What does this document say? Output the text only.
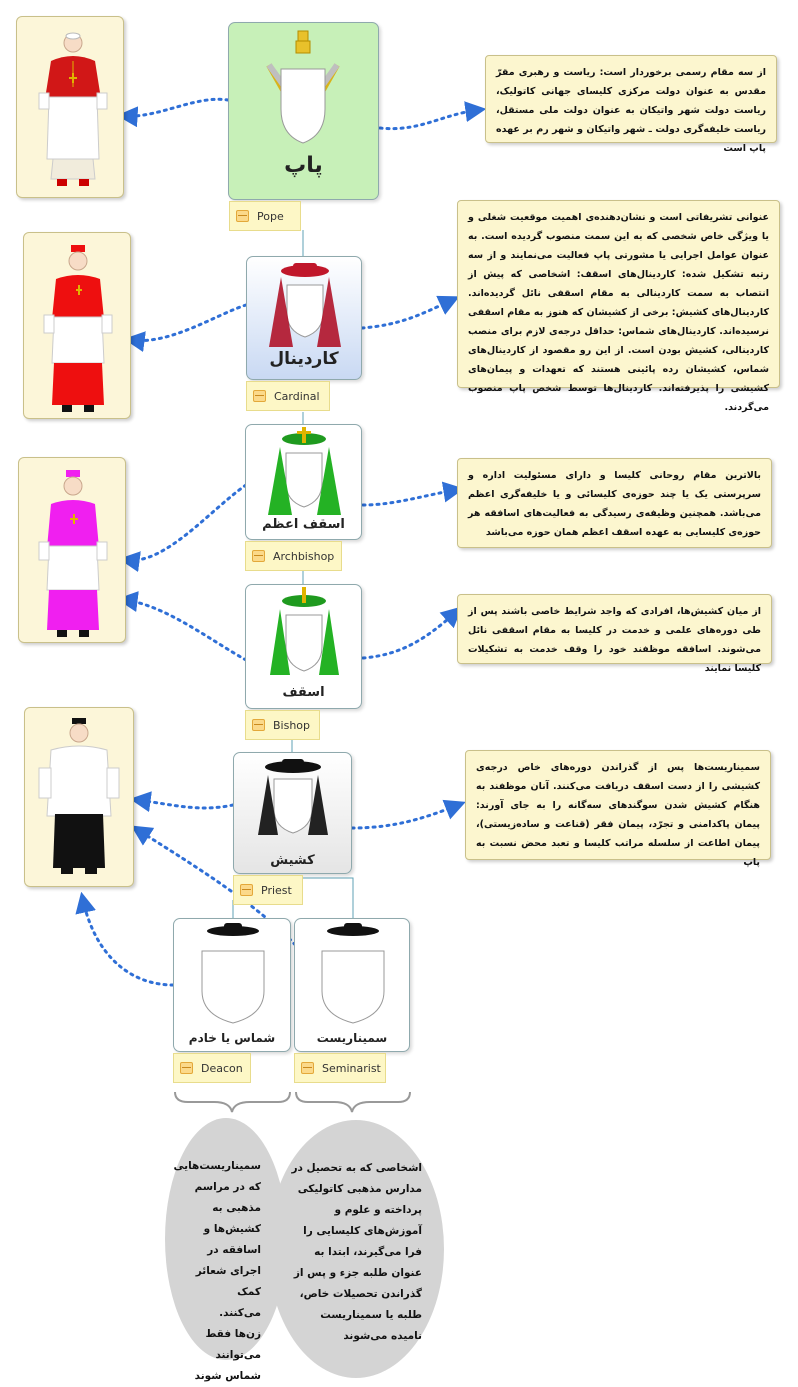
پاپ
Pope
کاردینال
Cardinal
اسقف اعظم
Archbishop
اسقف
Bishop
کشیش
Priest
شماس یا خادم
Deacon
سمیناریست
Seminarist
از سه مقام رسمی برخوردار است: ریاست و رهبری مقرّ مقدس به عنوان دولت مرکزی کلیسای جهانی کاتولیک، ریاست دولت شهر واتیکان به عنوان دولت ملی مستقل، ریاست خلیفه‌گری دولت ـ شهر واتیکان و شهر رم بر عهده پاپ است
عنوانی تشریفاتی است و نشان‌دهنده‌ی اهمیت موقعیت شغلی و یا ویژگی خاص شخصی که به این سمت منصوب گردیده است. به عنوان عوامل اجرایی یا مشورتی پاپ فعالیت می‌نمایند و از سه رتبه تشکیل شده: کاردینال‌های اسقف: اشخاصی که پیش از انتصاب به سمت کاردینالی به مقام اسقفی نائل گردیده‌اند. کاردینال‌های کشیش: برخی از کشیشان که هنوز به مقام اسقفی نرسیده‌اند. کاردینال‌های شماس: حداقل درجه‌ی لازم برای منصب کاردینالی، کشیش بودن است. از این رو مقصود از کاردینال‌های شماس، کشیشان رده پائینی هستند که تعهدات و پیمان‌های کشیشی را پذیرفته‌اند. کاردینال‌ها توسط شخص پاپ منصوب می‌گردند.
بالاترین مقام روحانی کلیسا و دارای مسئولیت اداره و سرپرستی یک یا چند حوزه‌ی کلیسائی و یا خلیفه‌گری اعظم می‌باشد. همچنین وظیفه‌ی رسیدگی به فعالیت‌های اسافقه هر حوزه‌ی کلیسایی به عهده اسقف اعظم همان حوزه می‌باشد
از میان کشیش‌ها، افرادی که واجد شرایط خاصی باشند پس از طی دوره‌های علمی و خدمت در کلیسا به مقام اسقفی نائل می‌شوند. اسافقه موظفند خود را وقف خدمت به تشکیلات کلیسا نمایند
سمیناریست‌ها پس از گذراندن دوره‌های خاص درجه‌ی کشیشی را از دست اسقف دریافت می‌کنند. آنان موظفند به هنگام کشیش شدن سوگندهای سه‌گانه را به جای آورند: پیمان پاکدامنی و تجرّد، پیمان فقر (قناعت و ساده‌زیستی)، پیمان اطاعت از سلسله مراتب کلیسا و تعبد محض نسبت به پاپ
سمیناریست‌هایی که در مراسم مذهبی به کشیش‌ها و اسافقه در اجرای شعائر کمک می‌کنند. زن‌ها فقط می‌توانند شماس شوند
اشخاصی که به تحصیل در مدارس مذهبی کاتولیکی پرداخته و علوم و آموزش‌های کلیسایی را فرا می‌گیرند، ابتدا به عنوان طلبه جزء و پس از گذراندن تحصیلات خاص، طلبه یا سمیناریست نامیده می‌شوند
